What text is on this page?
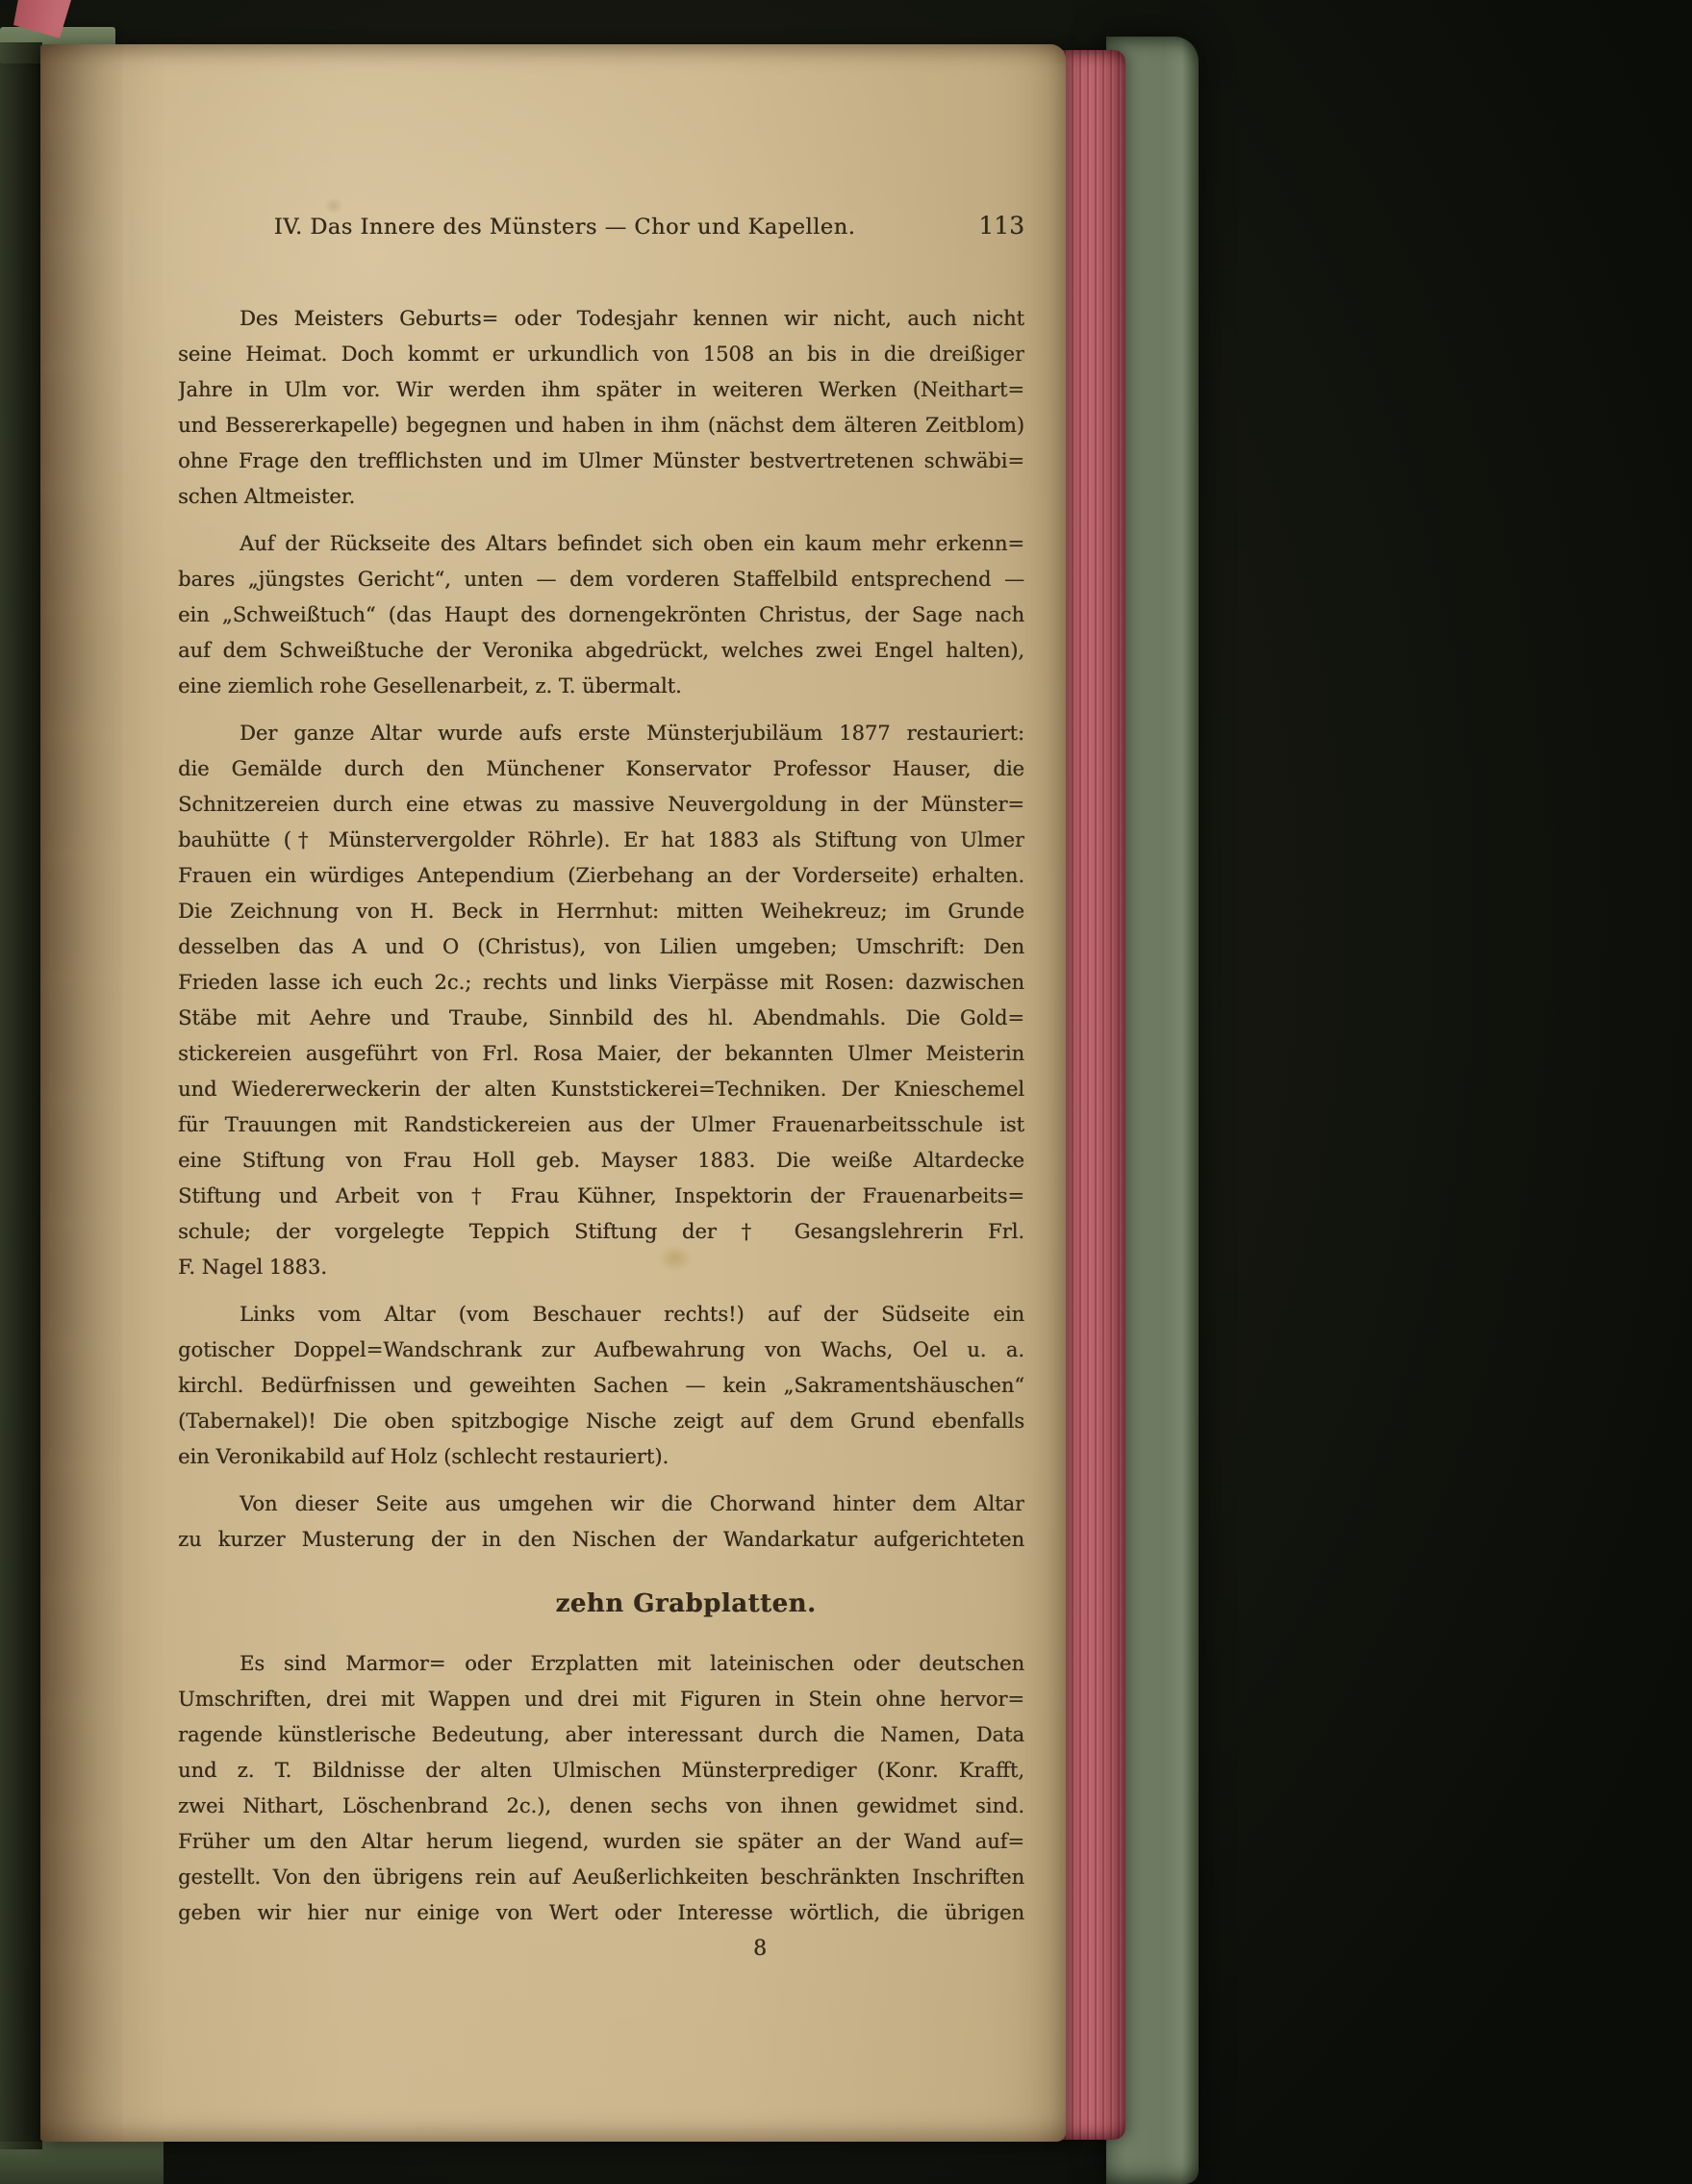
IV. Das Innere des Münsters — Chor und Kapellen.	113
Des Meisters Geburts= oder Todesjahr kennen wir nicht, auch nicht
seine Heimat. Doch kommt er urkundlich von 1508 an bis in die dreißiger
Jahre in Ulm vor. Wir werden ihm später in weiteren Werken (Neithart=
und Bessererkapelle) begegnen und haben in ihm (nächst dem älteren Zeitblom)
ohne Frage den trefflichsten und im Ulmer Münster bestvertretenen schwäbi=
schen Altmeister.
Auf der Rückseite des Altars befindet sich oben ein kaum mehr erkenn=
bares „jüngstes Gericht“, unten — dem vorderen Staffelbild entsprechend —
ein „Schweißtuch“ (das Haupt des dornengekrönten Christus, der Sage nach
auf dem Schweißtuche der Veronika abgedrückt, welches zwei Engel halten),
eine ziemlich rohe Gesellenarbeit, z. T. übermalt.
Der ganze Altar wurde aufs erste Münsterjubiläum 1877 restauriert:
die Gemälde durch den Münchener Konservator Professor Hauser, die
Schnitzereien durch eine etwas zu massive Neuvergoldung in der Münster=
bauhütte († Münstervergolder Röhrle). Er hat 1883 als Stiftung von Ulmer
Frauen ein würdiges Antependium (Zierbehang an der Vorderseite) erhalten.
Die Zeichnung von H. Beck in Herrnhut: mitten Weihekreuz; im Grunde
desselben das A und O (Christus), von Lilien umgeben; Umschrift: Den
Frieden lasse ich euch 2c.; rechts und links Vierpässe mit Rosen: dazwischen
Stäbe mit Aehre und Traube, Sinnbild des hl. Abendmahls. Die Gold=
stickereien ausgeführt von Frl. Rosa Maier, der bekannten Ulmer Meisterin
und Wiedererweckerin der alten Kunststickerei=Techniken. Der Knieschemel
für Trauungen mit Randstickereien aus der Ulmer Frauenarbeitsschule ist
eine Stiftung von Frau Holl geb. Mayser 1883. Die weiße Altardecke
Stiftung und Arbeit von † Frau Kühner, Inspektorin der Frauenarbeits=
schule; der vorgelegte Teppich Stiftung der † Gesangslehrerin Frl.
F. Nagel 1883.
Links vom Altar (vom Beschauer rechts!) auf der Südseite ein
gotischer Doppel=Wandschrank zur Aufbewahrung von Wachs, Oel u. a.
kirchl. Bedürfnissen und geweihten Sachen — kein „Sakramentshäuschen“
(Tabernakel)! Die oben spitzbogige Nische zeigt auf dem Grund ebenfalls
ein Veronikabild auf Holz (schlecht restauriert).
Von dieser Seite aus umgehen wir die Chorwand hinter dem Altar
zu kurzer Musterung der in den Nischen der Wandarkatur aufgerichteten
zehn Grabplatten.
Es sind Marmor= oder Erzplatten mit lateinischen oder deutschen
Umschriften, drei mit Wappen und drei mit Figuren in Stein ohne hervor=
ragende künstlerische Bedeutung, aber interessant durch die Namen, Data
und z. T. Bildnisse der alten Ulmischen Münsterprediger (Konr. Krafft,
zwei Nithart, Löschenbrand 2c.), denen sechs von ihnen gewidmet sind.
Früher um den Altar herum liegend, wurden sie später an der Wand auf=
gestellt. Von den übrigens rein auf Aeußerlichkeiten beschränkten Inschriften
geben wir hier nur einige von Wert oder Interesse wörtlich, die übrigen
8
